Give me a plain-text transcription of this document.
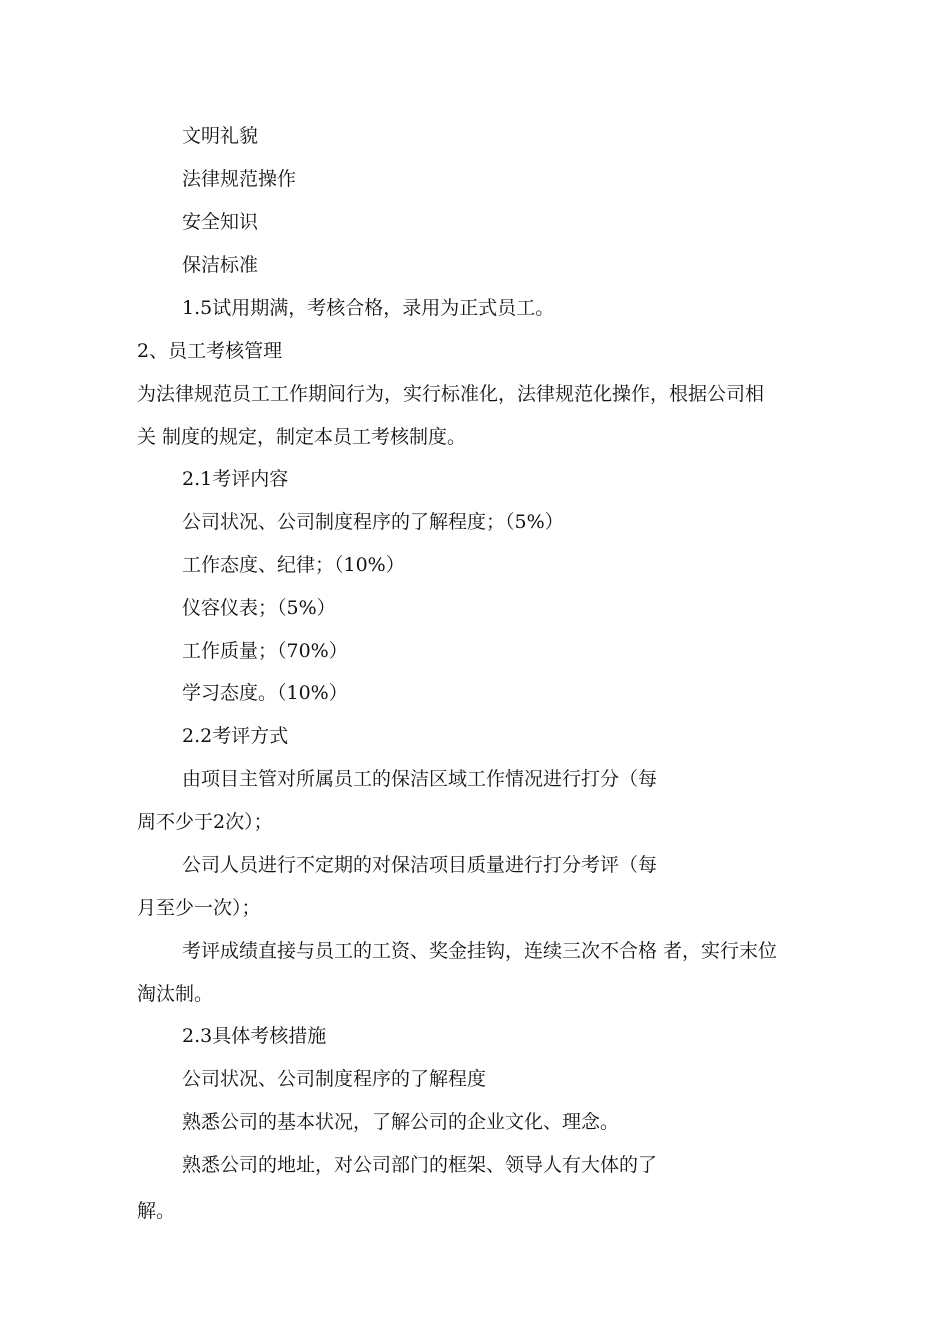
文明礼貌
法律规范操作
安全知识
保洁标准
1.5试用期满，考核合格，录用为正式员工。
2、员工考核管理
为法律规范员工工作期间行为，实行标准化，法律规范化操作，根据公司相
关 制度的规定，制定本员工考核制度。
2.1考评内容
公司状况、公司制度程序的了解程度；（5%）
工作态度、纪律；（10%）
仪容仪表；（5%）
工作质量；（70%）
学习态度。（10%）
2.2考评方式
由项目主管对所属员工的保洁区域工作情况进行打分（每
周不少于2次）；
公司人员进行不定期的对保洁项目质量进行打分考评（每
月至少一次）；
考评成绩直接与员工的工资、奖金挂钩，连续三次不合格 者，实行末位
淘汰制。
2.3具体考核措施
公司状况、公司制度程序的了解程度
熟悉公司的基本状况，了解公司的企业文化、理念。
熟悉公司的地址，对公司部门的框架、领导人有大体的了
解。
